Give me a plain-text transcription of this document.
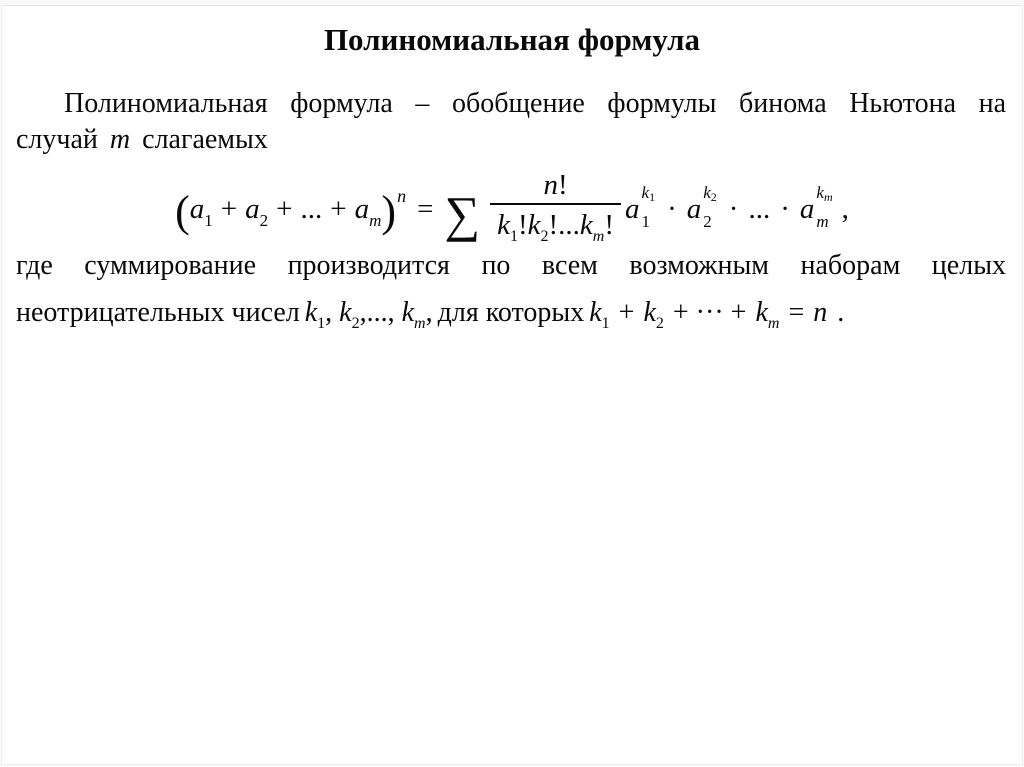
Полиномиальная формула
Полиномиальная формула – обобщение формулы бинома Ньютона на
случай m слагаемых
($a_1 + a_2$ + ... + $a_m)^n$ = ∑ $\frac{n!}{k_1!k_2!...k_m!}$ a
k1
1 · a
k2
2 · ... · a
km
m ,
где суммирование производится по всем возможным наборам целых
неотрицательных чисел $k_1$, $k_2$,..., $k_m$, для которых $k_1 + k_2$ + ··· + $k_m = n$ .
